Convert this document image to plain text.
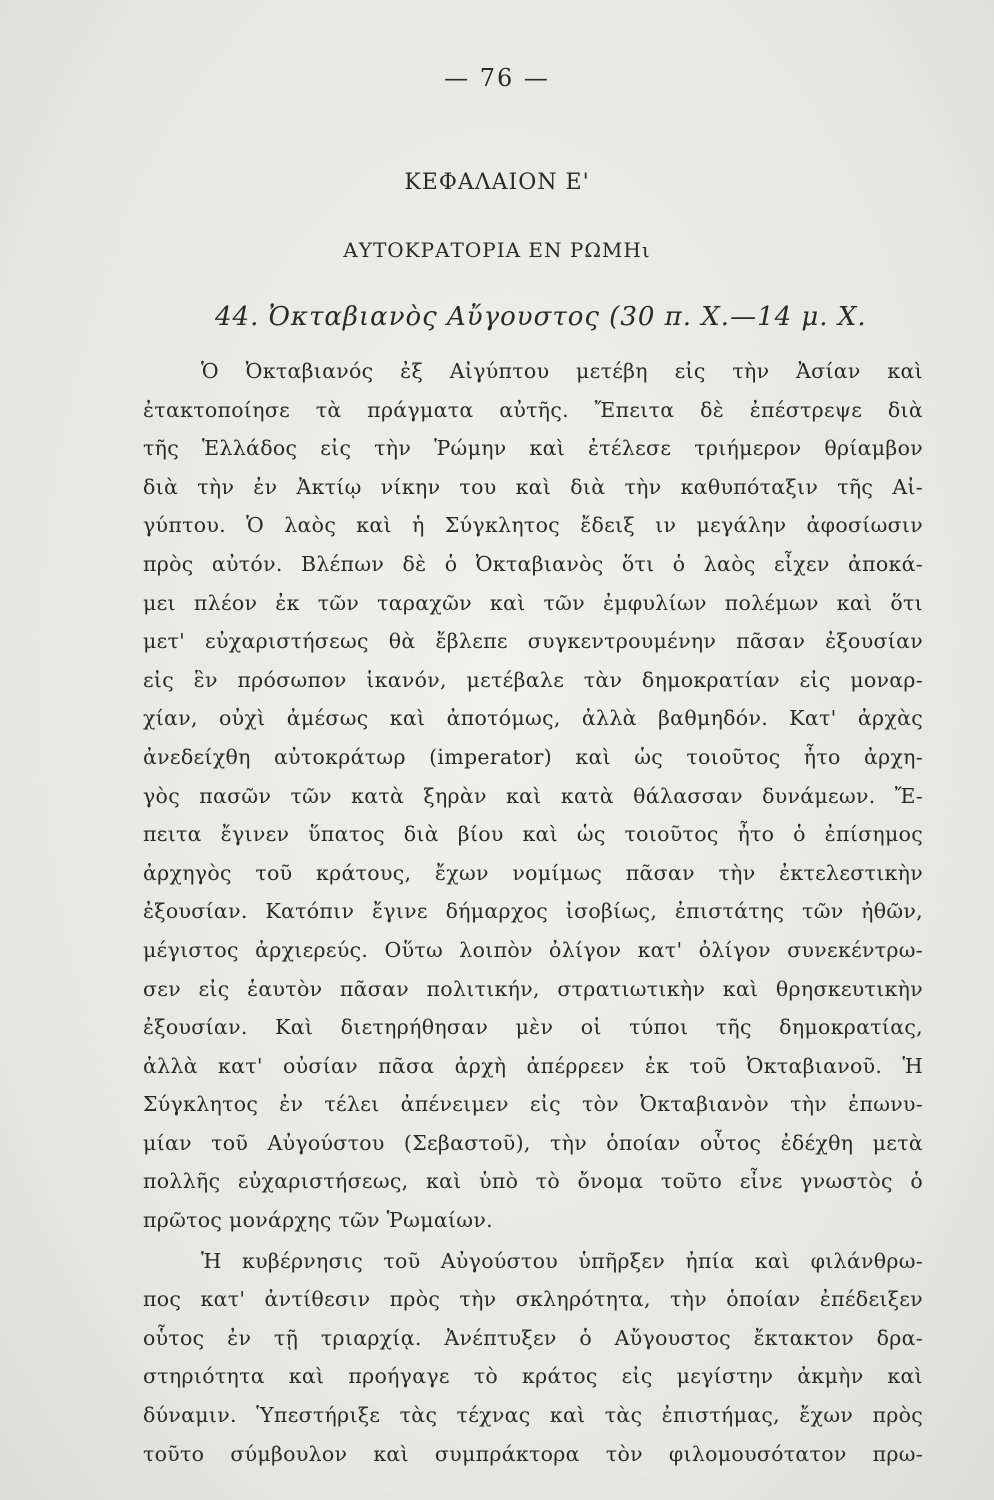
— 76 —
ΚΕΦΑΛΑΙΟΝ Ε'
ΑΥΤΟΚΡΑΤΟΡΙΑ ΕΝ ΡΩΜΗι
44. Ὀκταβιανὸς Αὔγουστος (30 π. Χ.—14 μ. Χ.
Ὁ Ὀκταβιανός ἐξ Αἰγύπτου μετέβη εἰς τὴν Ἀσίαν καὶ
ἐτακτοποίησε τὰ πράγματα αὐτῆς. Ἔπειτα δὲ ἐπέστρεψε διὰ
τῆς Ἑλλάδος εἰς τὴν Ῥώμην καὶ ἐτέλεσε τριήμερον θρίαμβον
διὰ τὴν ἐν Ἀκτίῳ νίκην του καὶ διὰ τὴν καθυπόταξιν τῆς Αἰ-
γύπτου. Ὁ λαὸς καὶ ἡ Σύγκλητος ἔδειξ ιν μεγάλην ἀφοσίωσιν
πρὸς αὐτόν. Βλέπων δὲ ὁ Ὀκταβιανὸς ὅτι ὁ λαὸς εἶχεν ἀποκά-
μει πλέον ἐκ τῶν ταραχῶν καὶ τῶν ἐμφυλίων πολέμων καὶ ὅτι
μετ' εὐχαριστήσεως θὰ ἔβλεπε συγκεντρουμένην πᾶσαν ἐξουσίαν
εἰς ἓν πρόσωπον ἱκανόν, μετέβαλε τὰν δημοκρατίαν εἰς μοναρ-
χίαν, οὐχὶ ἀμέσως καὶ ἀποτόμως, ἀλλὰ βαθμηδόν. Κατ' ἀρχὰς
ἀνεδείχθη αὐτοκράτωρ (imperator) καὶ ὡς τοιοῦτος ἦτο ἀρχη-
γὸς πασῶν τῶν κατὰ ξηρὰν καὶ κατὰ θάλασσαν δυνάμεων. Ἔ-
πειτα ἔγινεν ὕπατος διὰ βίου καὶ ὡς τοιοῦτος ἦτο ὁ ἐπίσημος
ἀρχηγὸς τοῦ κράτους, ἔχων νομίμως πᾶσαν τὴν ἐκτελεστικὴν
ἐξουσίαν. Κατόπιν ἔγινε δήμαρχος ἰσοβίως, ἐπιστάτης τῶν ἠθῶν,
μέγιστος ἀρχιερεύς. Οὕτω λοιπὸν ὀλίγον κατ' ὀλίγον συνεκέντρω-
σεν εἰς ἑαυτὸν πᾶσαν πολιτικήν, στρατιωτικὴν καὶ θρησκευτικὴν
ἐξουσίαν. Καὶ διετηρήθησαν μὲν οἱ τύποι τῆς δημοκρατίας,
ἀλλὰ κατ' οὐσίαν πᾶσα ἀρχὴ ἀπέρρεεν ἐκ τοῦ Ὀκταβιανοῦ. Ἡ
Σύγκλητος ἐν τέλει ἀπένειμεν εἰς τὸν Ὀκταβιανὸν τὴν ἐπωνυ-
μίαν τοῦ Αὐγούστου (Σεβαστοῦ), τὴν ὁποίαν οὗτος ἐδέχθη μετὰ
πολλῆς εὐχαριστήσεως, καὶ ὑπὸ τὸ ὄνομα τοῦτο εἶνε γνωστὸς ὁ
πρῶτος μονάρχης τῶν Ῥωμαίων.
Ἡ κυβέρνησις τοῦ Αὐγούστου ὑπῆρξεν ἠπία καὶ φιλάνθρω-
πος κατ' ἀντίθεσιν πρὸς τὴν σκληρότητα, τὴν ὁποίαν ἐπέδειξεν
οὗτος ἐν τῇ τριαρχίᾳ. Ἀνέπτυξεν ὁ Αὔγουστος ἔκτακτον δρα-
στηριότητα καὶ προήγαγε τὸ κράτος εἰς μεγίστην ἀκμὴν καὶ
δύναμιν. Ὑπεστήριξε τὰς τέχνας καὶ τὰς ἐπιστήμας, ἔχων πρὸς
τοῦτο σύμβουλον καὶ συμπράκτορα τὸν φιλομουσότατον πρω-
